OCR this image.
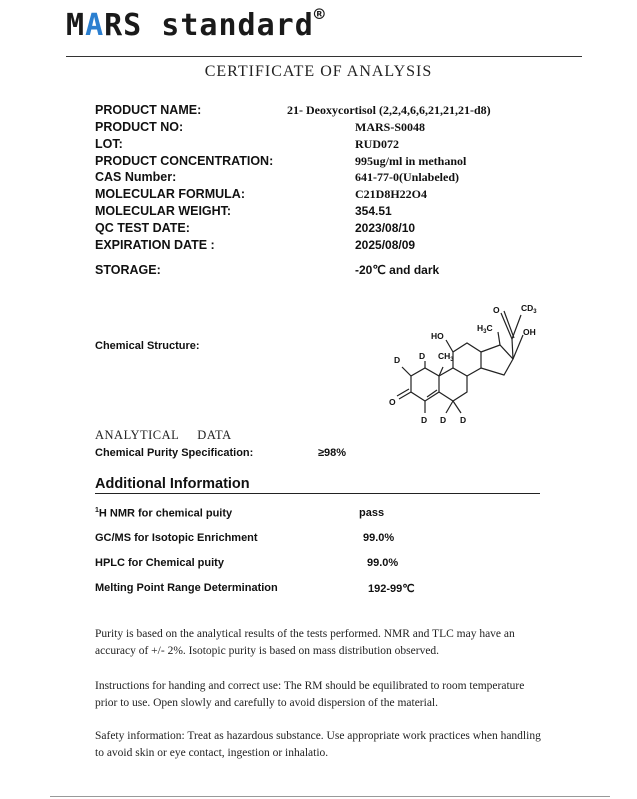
MARS standard®
CERTIFICATE OF ANALYSIS
PRODUCT NAME:	21- Deoxycortisol (2,2,4,6,6,21,21,21-d8)
PRODUCT NO:	MARS-S0048
LOT:	RUD072
PRODUCT CONCENTRATION:	995ug/ml in methanol
CAS Number:	641-77-0(Unlabeled)
MOLECULAR FORMULA:	C21D8H22O4
MOLECULAR WEIGHT:	354.51
QC TEST DATE:	2023/08/10
EXPIRATION DATE :	2025/08/09
STORAGE:	-20℃ and dark
Chemical Structure:
O	$CD_3$
$H_3C$	OH
HO
$CH_3$
O
D D
D D D
ANALYTICAL DATA
Chemical Purity Specification:	≥98%
Additional Information
$^1$H NMR for chemical puity	pass
GC/MS for Isotopic Enrichment	99.0%
HPLC for Chemical puity	99.0%
Melting Point Range Determination	192-99℃
Purity is based on the analytical results of the tests performed. NMR and TLC may have an accuracy of +/- 2%. Isotopic purity is based on mass distribution observed.
Instructions for handing and correct use: The RM should be equilibrated to room temperature prior to use. Open slowly and carefully to avoid dispersion of the material.
Safety information: Treat as hazardous substance. Use appropriate work practices when handling to avoid skin or eye contact, ingestion or inhalatio.
